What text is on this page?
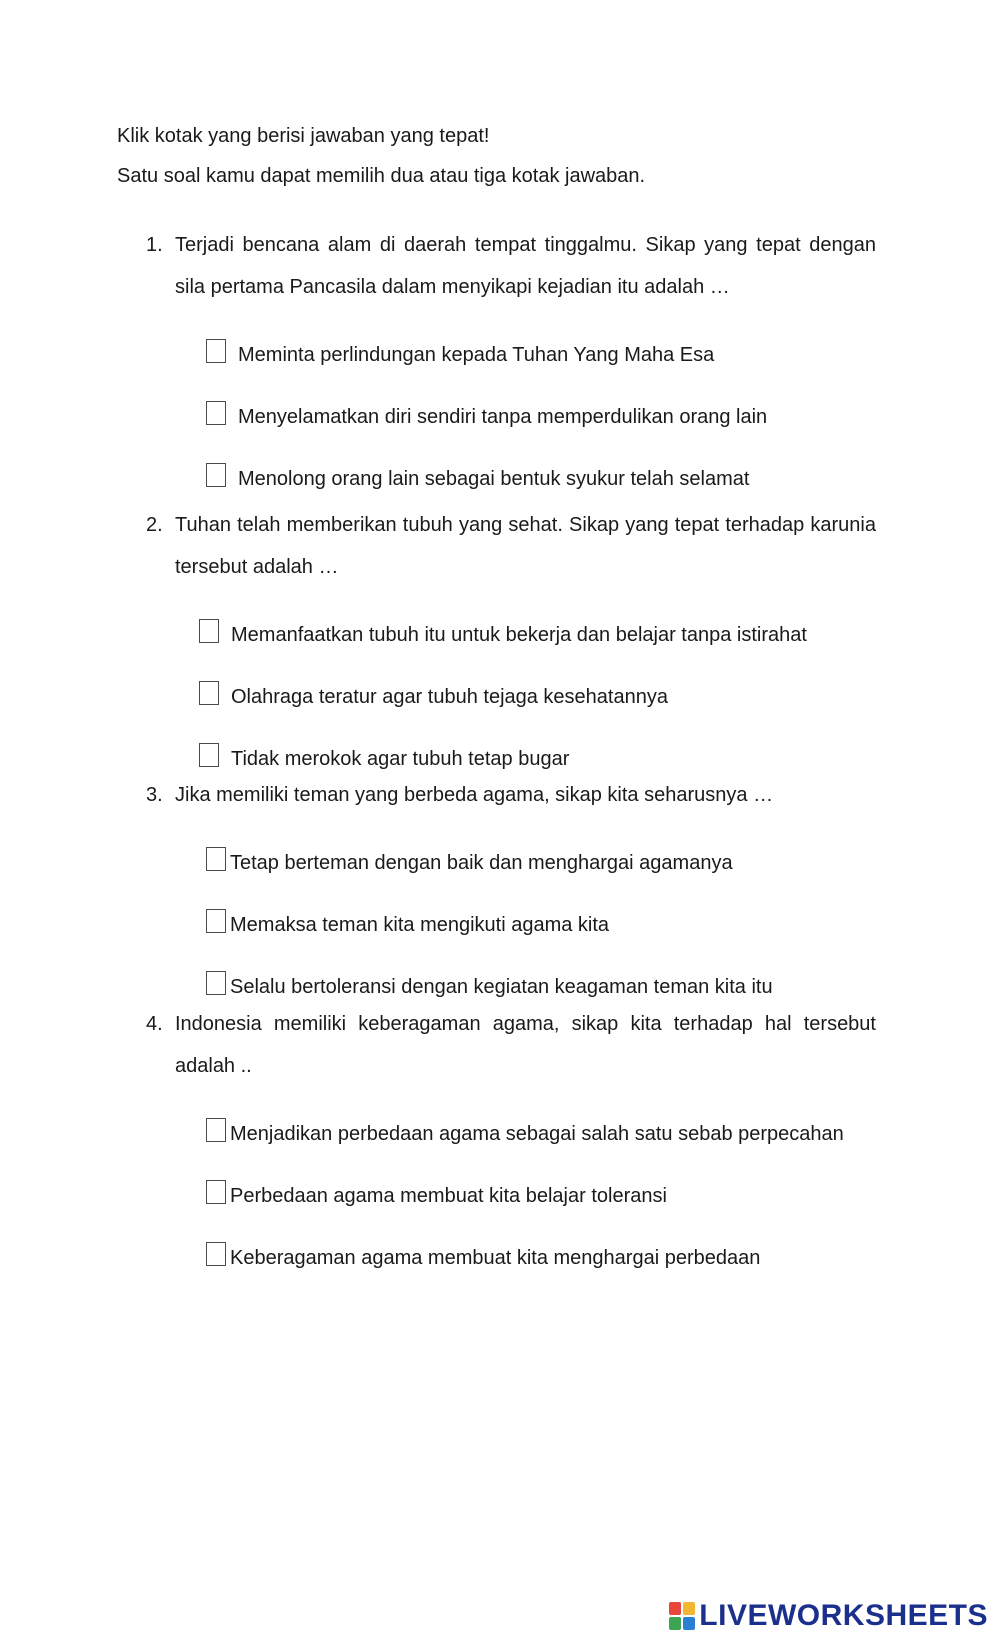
Klik kotak yang berisi jawaban yang tepat!

Satu soal kamu dapat memilih dua atau tiga kotak jawaban.

1. Terjadi bencana alam di daerah tempat tinggalmu. Sikap yang tepat dengan sila pertama Pancasila dalam menyikapi kejadian itu adalah …
Meminta perlindungan kepada Tuhan Yang Maha Esa
Menyelamatkan diri sendiri tanpa memperdulikan orang lain
Menolong orang lain sebagai bentuk syukur telah selamat
2. Tuhan telah memberikan tubuh yang sehat. Sikap yang tepat terhadap karunia tersebut adalah …
Memanfaatkan tubuh itu untuk bekerja dan belajar tanpa istirahat
Olahraga teratur agar tubuh tejaga kesehatannya
Tidak merokok agar tubuh tetap bugar
3. Jika memiliki teman yang berbeda agama, sikap kita seharusnya …
Tetap berteman dengan baik dan menghargai agamanya
Memaksa teman kita mengikuti agama kita
Selalu bertoleransi dengan kegiatan keagaman teman kita itu
4. Indonesia memiliki keberagaman agama, sikap kita terhadap hal tersebut adalah ..
Menjadikan perbedaan agama sebagai salah satu sebab perpecahan
Perbedaan agama membuat kita belajar toleransi
Keberagaman agama membuat kita menghargai perbedaan
LIVEWORKSHEETS
